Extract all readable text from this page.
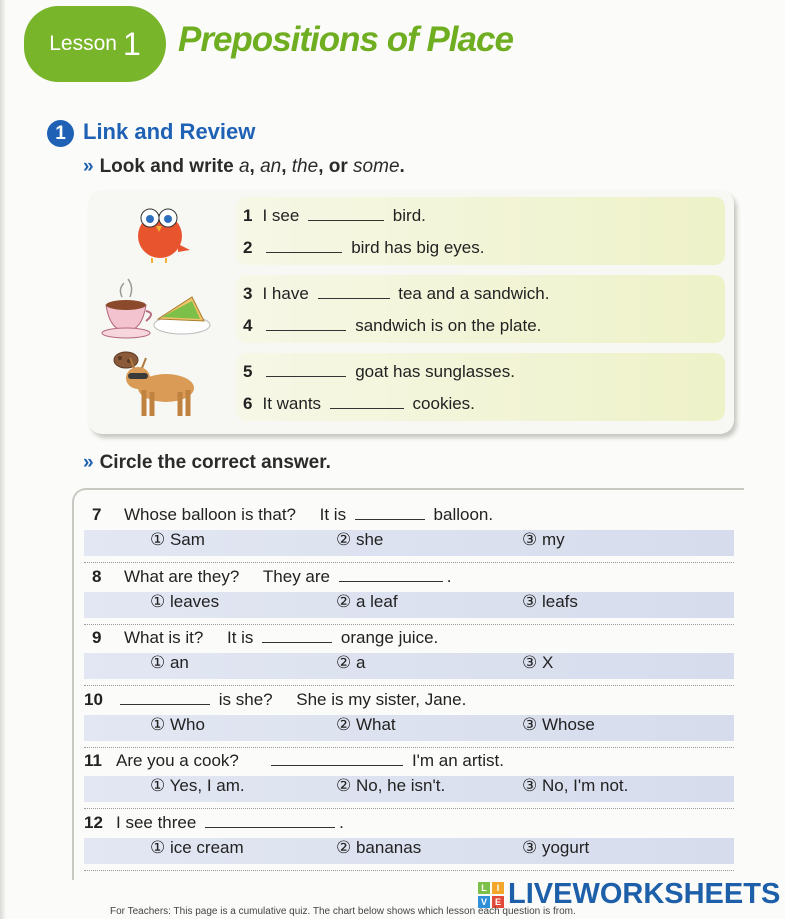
Lesson 1 Prepositions of Place
1 Link and Review
» Look and write a, an, the, or some.
1 I see	bird.
2	bird has big eyes.
3 I have	tea and a sandwich.
4	sandwich is on the plate.
5	goat has sunglasses.
6 It wants	cookies.
» Circle the correct answer.
7 Whose balloon is that? It is	balloon.
① Sam	② she	③ my
8 What are they? They are	.
① leaves	② a leaf	③ leafs
9 What is it? It is	orange juice.
① an	② a	③ X
10	is she? She is my sister, Jane.
① Who	② What	③ Whose
11 Are you a cook?	I'm an artist.
① Yes, I am.	② No, he isn't.	③ No, I'm not.
12 I see three	.
① ice cream	② bananas	③ yogurt
L	I
V E LIVEWORKSHEETS
For Teachers: This page is a cumulative quiz. The chart below shows which lesson each question is from.
